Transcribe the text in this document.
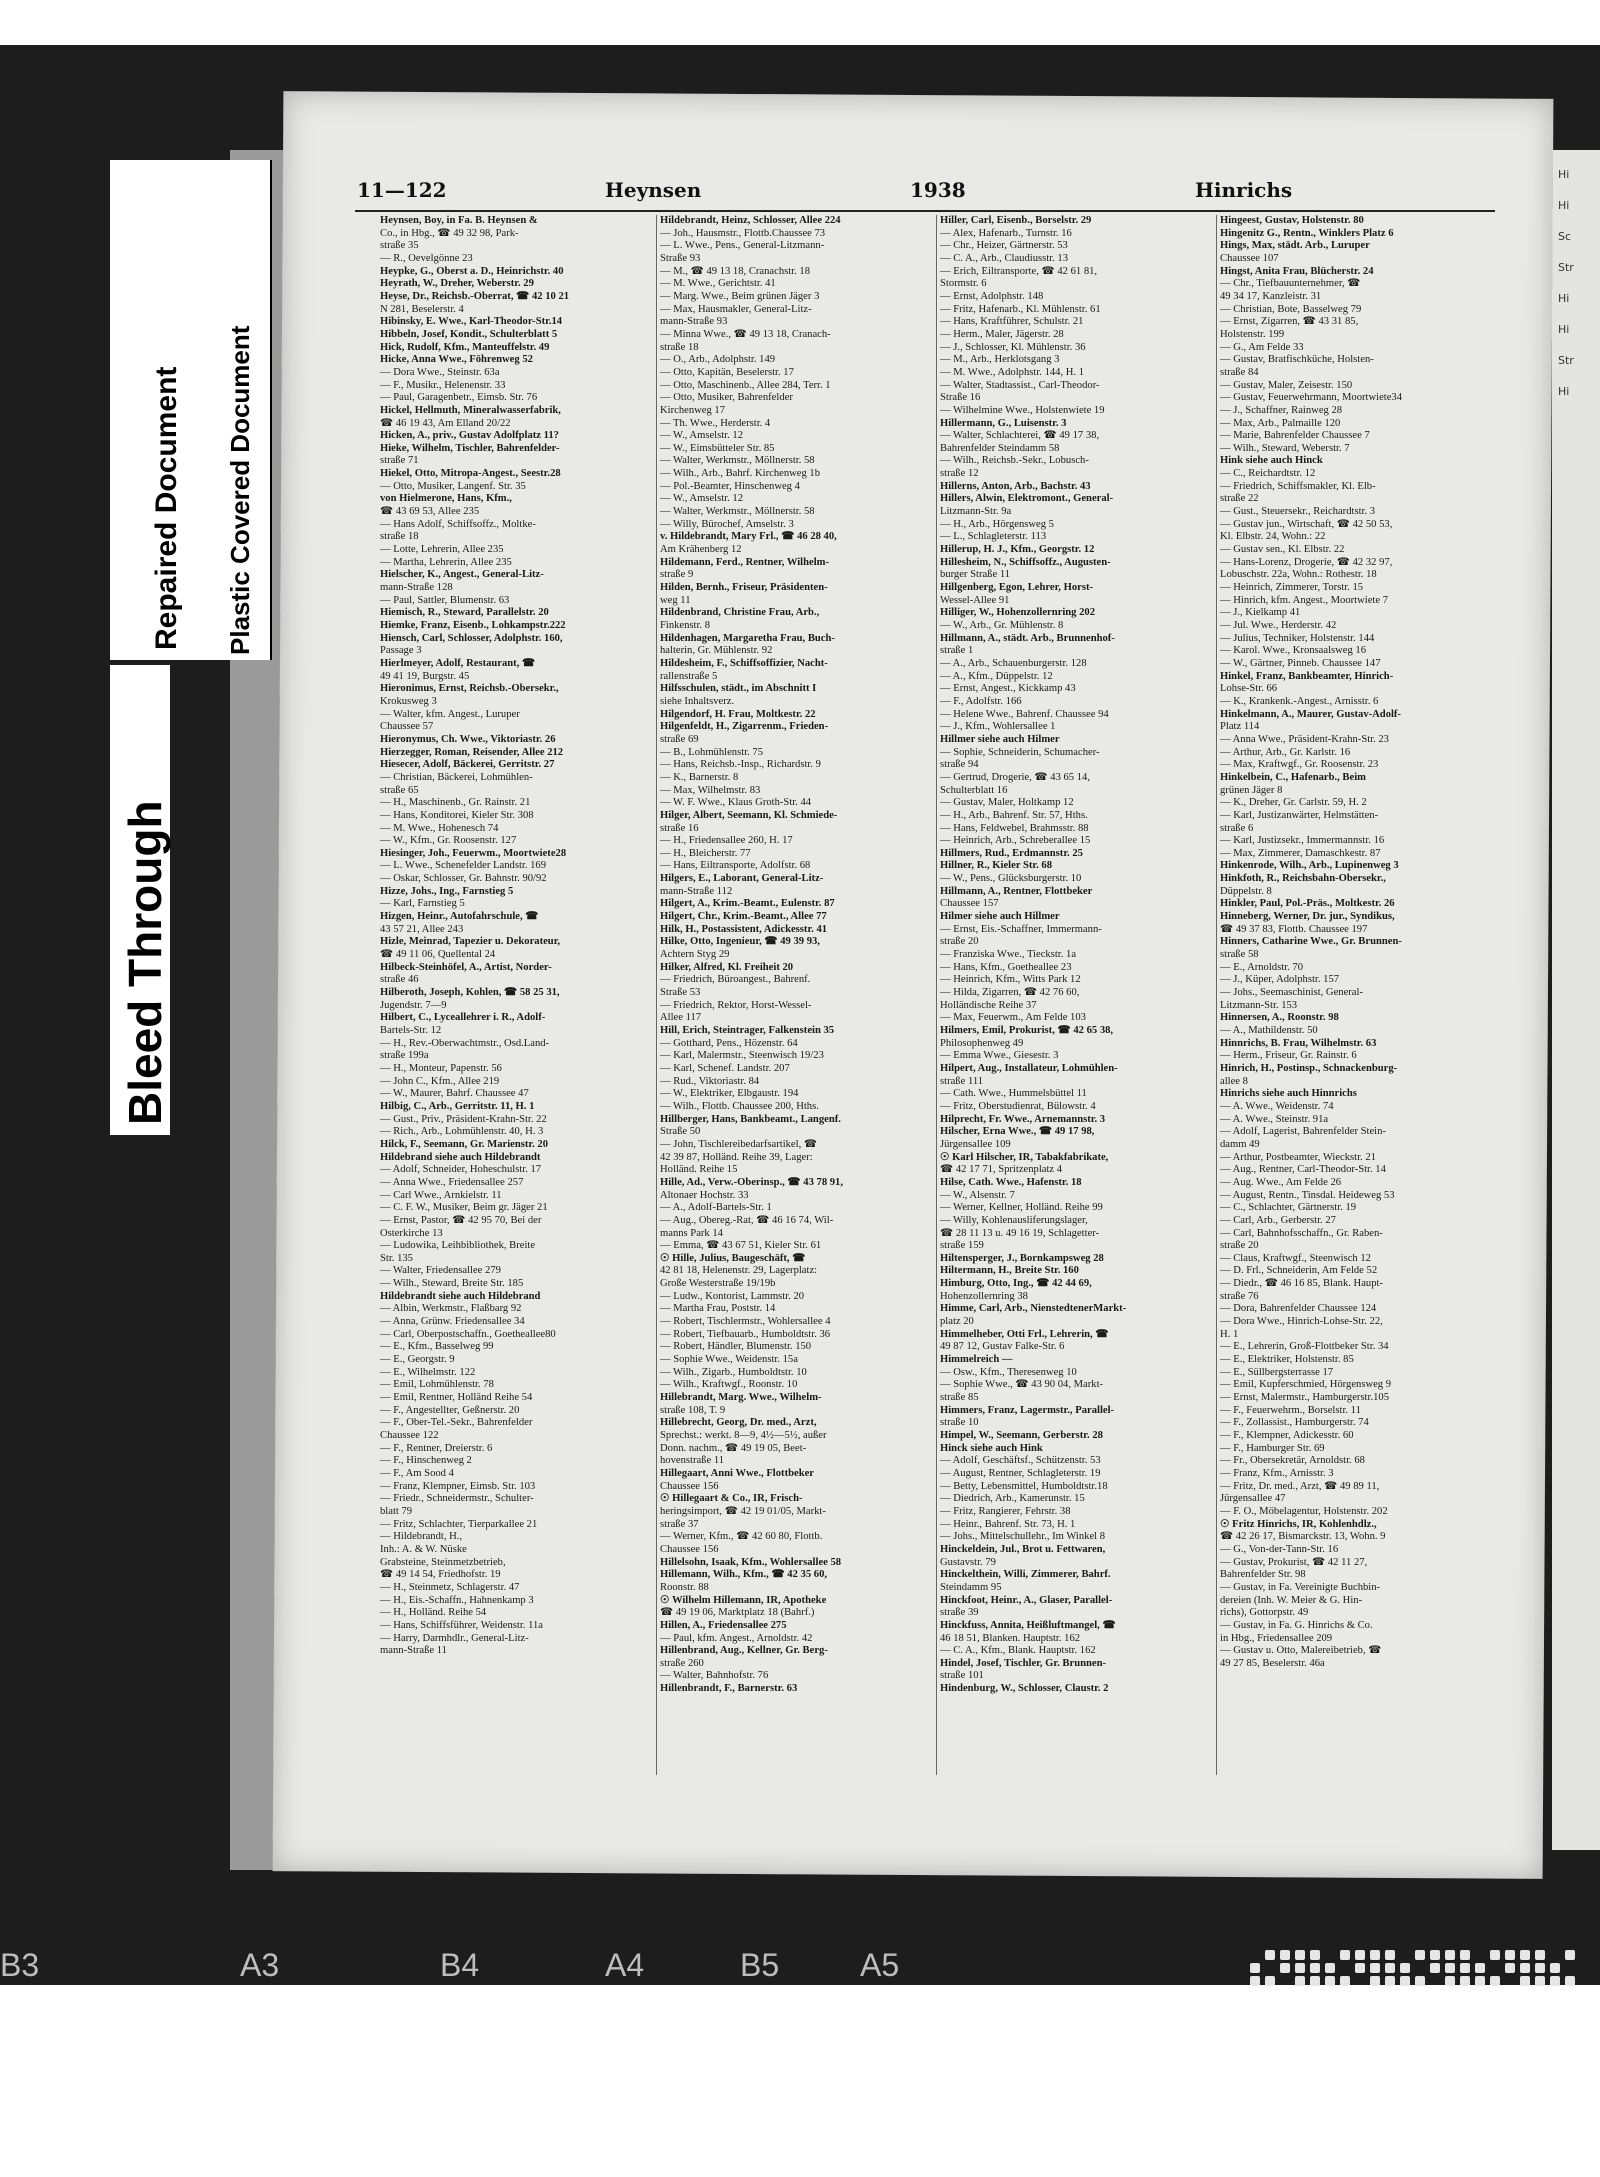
Hi
Hi
Sc
Str
Hi
Hi
Str
Hi
11—122	Heynsen	1938	Hinrichs
Heynsen, Boy, in Fa. B. Heynsen &
Co., in Hbg., ☎ 49 32 98, Park-
straße 35
— R., Oevelgönne 23
Heypke, G., Oberst a. D., Heinrichstr. 40
Heyrath, W., Dreher, Weberstr. 29
Heyse, Dr., Reichsb.-Oberrat, ☎ 42 10 21
N 281, Beselerstr. 4
Hibinsky, E. Wwe., Karl-Theodor-Str.14
Hibbeln, Josef, Kondit., Schulterblatt 5
Hick, Rudolf, Kfm., Manteuffelstr. 49
Hicke, Anna Wwe., Föhrenweg 52
— Dora Wwe., Steinstr. 63a
— F., Musikr., Helenenstr. 33
— Paul, Garagenbetr., Eimsb. Str. 76
Hickel, Hellmuth, Mineralwasserfabrik,
☎ 46 19 43, Am Elland 20/22
Hicken, A., priv., Gustav Adolfplatz 11?
Hieke, Wilhelm, Tischler, Bahrenfelder-
straße 71
Hiekel, Otto, Mitropa-Angest., Seestr.28
— Otto, Musiker, Langenf. Str. 35
von Hielmerone, Hans, Kfm.,
☎ 43 69 53, Allee 235
— Hans Adolf, Schiffsoffz., Moltke-
straße 18
— Lotte, Lehrerin, Allee 235
— Martha, Lehrerin, Allee 235
Hielscher, K., Angest., General-Litz-
mann-Straße 128
— Paul, Sattler, Blumenstr. 63
Hiemisch, R., Steward, Parallelstr. 20
Hiemke, Franz, Eisenb., Lohkampstr.222
Hiensch, Carl, Schlosser, Adolphstr. 160,
Passage 3
Hierlmeyer, Adolf, Restaurant, ☎
49 41 19, Burgstr. 45
Hieronimus, Ernst, Reichsb.-Obersekr.,
Krokusweg 3
— Walter, kfm. Angest., Luruper
Chaussee 57
Hieronymus, Ch. Wwe., Viktoriastr. 26
Hierzegger, Roman, Reisender, Allee 212
Hiesecer, Adolf, Bäckerei, Gerritstr. 27
— Christian, Bäckerei, Lohmühlen-
straße 65
— H., Maschinenb., Gr. Rainstr. 21
— Hans, Konditorei, Kieler Str. 308
— M. Wwe., Hohenesch 74
— W., Kfm., Gr. Roosenstr. 127
Hiesinger, Joh., Feuerwm., Moortwiete28
— L. Wwe., Schenefelder Landstr. 169
— Oskar, Schlosser, Gr. Bahnstr. 90/92
Hizze, Johs., Ing., Farnstieg 5
— Karl, Farnstieg 5
Hizgen, Heinr., Autofahrschule, ☎
43 57 21, Allee 243
Hizle, Meinrad, Tapezier u. Dekorateur,
☎ 49 11 06, Quellental 24
Hilbeck-Steinhöfel, A., Artist, Norder-
straße 46
Hilberoth, Joseph, Kohlen, ☎ 58 25 31,
Jugendstr. 7—9
Hilbert, C., Lyceallehrer i. R., Adolf-
Bartels-Str. 12
— H., Rev.-Oberwachtmstr., Osd.Land-
straße 199a
— H., Monteur, Papenstr. 56
— John C., Kfm., Allee 219
— W., Maurer, Bahrf. Chaussee 47
Hilbig, C., Arb., Gerritstr. 11, H. 1
— Gust., Priv., Präsident-Krahn-Str. 22
— Rich., Arb., Lohmühlenstr. 40, H. 3
Hilck, F., Seemann, Gr. Marienstr. 20
Hildebrand siehe auch Hildebrandt
— Adolf, Schneider, Hoheschulstr. 17
— Anna Wwe., Friedensallee 257
— Carl Wwe., Arnkielstr. 11
— C. F. W., Musiker, Beim gr. Jäger 21
— Ernst, Pastor, ☎ 42 95 70, Bei der
Osterkirche 13
— Ludowika, Leihbibliothek, Breite
Str. 135
— Walter, Friedensallee 279
— Wilh., Steward, Breite Str. 185
Hildebrandt siehe auch Hildebrand
— Albin, Werkmstr., Flaßbarg 92
— Anna, Grünw. Friedensallee 34
— Carl, Oberpostschaffn., Goetheallee80
— E., Kfm., Basselweg 99
— E., Georgstr. 9
— E., Wilhelmstr. 122
— Emil, Lohmühlenstr. 78
— Emil, Rentner, Holländ Reihe 54
— F., Angestellter, Geßnerstr. 20
— F., Ober-Tel.-Sekr., Bahrenfelder
Chaussee 122
— F., Rentner, Dreierstr. 6
— F., Hinschenweg 2
— F., Am Sood 4
— Franz, Klempner, Eimsb. Str. 103
— Friedr., Schneidermstr., Schulter-
blatt 79
— Fritz, Schlachter, Tierparkallee 21
— Hildebrandt, H.,
Inh.: A. & W. Nüske
Grabsteine, Steinmetzbetrieb,
☎ 49 14 54, Friedhofstr. 19
— H., Steinmetz, Schlagerstr. 47
— H., Eis.-Schaffn., Hahnenkamp 3
— H., Holländ. Reihe 54
— Hans, Schiffsführer, Weidenstr. 11a
— Harry, Darmhdlr., General-Litz-
mann-Straße 11
Hildebrandt, Heinz, Schlosser, Allee 224
— Joh., Hausmstr., Flottb.Chaussee 73
— L. Wwe., Pens., General-Litzmann-
Straße 93
— M., ☎ 49 13 18, Cranachstr. 18
— M. Wwe., Gerichtstr. 41
— Marg. Wwe., Beim grünen Jäger 3
— Max, Hausmakler, General-Litz-
mann-Straße 93
— Minna Wwe., ☎ 49 13 18, Cranach-
straße 18
— O., Arb., Adolphstr. 149
— Otto, Kapitän, Beselerstr. 17
— Otto, Maschinenb., Allee 284, Terr. 1
— Otto, Musiker, Bahrenfelder
Kirchenweg 17
— Th. Wwe., Herderstr. 4
— W., Amselstr. 12
— W., Eimsbütteler Str. 85
— Walter, Werkmstr., Möllnerstr. 58
— Wilh., Arb., Bahrf. Kirchenweg 1b
— Pol.-Beamter, Hinschenweg 4
— W., Amselstr. 12
— Walter, Werkmstr., Möllnerstr. 58
— Willy, Bürochef, Amselstr. 3
v. Hildebrandt, Mary Frl., ☎ 46 28 40,
Am Krähenberg 12
Hildemann, Ferd., Rentner, Wilhelm-
straße 9
Hilden, Bernh., Friseur, Präsidenten-
weg 11
Hildenbrand, Christine Frau, Arb.,
Finkenstr. 8
Hildenhagen, Margaretha Frau, Buch-
halterin, Gr. Mühlenstr. 92
Hildesheim, F., Schiffsoffizier, Nacht-
rallenstraße 5
Hilfsschulen, städt., im Abschnitt I
siehe Inhaltsverz.
Hilgendorf, H. Frau, Moltkestr. 22
Hilgenfeldt, H., Zigarrenm., Frieden-
straße 69
— B., Lohmühlenstr. 75
— Hans, Reichsb.-Insp., Richardstr. 9
— K., Barnerstr. 8
— Max, Wilhelmstr. 83
— W. F. Wwe., Klaus Groth-Str. 44
Hilger, Albert, Seemann, Kl. Schmiede-
straße 16
— H., Friedensallee 260, H. 17
— H., Bleicherstr. 77
— Hans, Eiltransporte, Adolfstr. 68
Hilgers, E., Laborant, General-Litz-
mann-Straße 112
Hilgert, A., Krim.-Beamt., Eulenstr. 87
Hilgert, Chr., Krim.-Beamt., Allee 77
Hilk, H., Postassistent, Adickesstr. 41
Hilke, Otto, Ingenieur, ☎ 49 39 93,
Achtern Styg 29
Hilker, Alfred, Kl. Freiheit 20
— Friedrich, Büroangest., Bahrenf.
Straße 53
— Friedrich, Rektor, Horst-Wessel-
Allee 117
Hill, Erich, Steintrager, Falkenstein 35
— Gotthard, Pens., Hözenstr. 64
— Karl, Malermstr., Steenwisch 19/23
— Karl, Schenef. Landstr. 207
— Rud., Viktoriastr. 84
— W., Elektriker, Elbgaustr. 194
— Wilh., Flottb. Chaussee 200, Hths.
Hillberger, Hans, Bankbeamt., Langenf.
Straße 50
— John, Tischlereibedarfsartikel, ☎
42 39 87, Holländ. Reihe 39, Lager:
Holländ. Reihe 15
Hille, Ad., Verw.-Oberinsp., ☎ 43 78 91,
Altonaer Hochstr. 33
— A., Adolf-Bartels-Str. 1
— Aug., Obereg.-Rat, ☎ 46 16 74, Wil-
manns Park 14
— Emma, ☎ 43 67 51, Kieler Str. 61
☉ Hille, Julius, Baugeschäft, ☎
42 81 18, Helenenstr. 29, Lagerplatz:
Große Westerstraße 19/19b
— Ludw., Kontorist, Lammstr. 20
— Martha Frau, Poststr. 14
— Robert, Tischlermstr., Wohlersallee 4
— Robert, Tiefbauarb., Humboldtstr. 36
— Robert, Händler, Blumenstr. 150
— Sophie Wwe., Weidenstr. 15a
— Wilh., Zigarb., Humboldtstr. 10
— Wilh., Kraftwgf., Roonstr. 10
Hillebrandt, Marg. Wwe., Wilhelm-
straße 108, T. 9
Hillebrecht, Georg, Dr. med., Arzt,
Sprechst.: werkt. 8—9, 4½—5½, außer
Donn. nachm., ☎ 49 19 05, Beet-
hovenstraße 11
Hillegaart, Anni Wwe., Flottbeker
Chaussee 156
☉ Hillegaart & Co., IR, Frisch-
heringsimport, ☎ 42 19 01/05, Markt-
straße 37
— Werner, Kfm., ☎ 42 60 80, Flottb.
Chaussee 156
Hillelsohn, Isaak, Kfm., Wohlersallee 58
Hillemann, Wilh., Kfm., ☎ 42 35 60,
Roonstr. 88
☉ Wilhelm Hillemann, IR, Apotheke
☎ 49 19 06, Marktplatz 18 (Bahrf.)
Hillen, A., Friedensallee 275
— Paul, kfm. Angest., Arnoldstr. 42
Hillenbrand, Aug., Kellner, Gr. Berg-
straße 260
— Walter, Bahnhofstr. 76
Hillenbrandt, F., Barnerstr. 63
Hiller, Carl, Eisenb., Borselstr. 29
— Alex, Hafenarb., Turnstr. 16
— Chr., Heizer, Gärtnerstr. 53
— C. A., Arb., Claudiusstr. 13
— Erich, Eiltransporte, ☎ 42 61 81,
Stormstr. 6
— Ernst, Adolphstr. 148
— Fritz, Hafenarb., Kl. Mühlenstr. 61
— Hans, Kraftführer, Schulstr. 21
— Herm., Maler, Jägerstr. 28
— J., Schlosser, Kl. Mühlenstr. 36
— M., Arb., Herklotsgang 3
— M. Wwe., Adolphstr. 144, H. 1
— Walter, Stadtassist., Carl-Theodor-
Straße 16
— Wilhelmine Wwe., Holstenwiete 19
Hillermann, G., Luisenstr. 3
— Walter, Schlachterei, ☎ 49 17 38,
Bahrenfelder Steindamm 58
— Wilh., Reichsb.-Sekr., Lobusch-
straße 12
Hillerns, Anton, Arb., Bachstr. 43
Hillers, Alwin, Elektromont., General-
Litzmann-Str. 9a
— H., Arb., Hörgensweg 5
— L., Schlagleterstr. 113
Hillerup, H. J., Kfm., Georgstr. 12
Hillesheim, N., Schiffsoffz., Augusten-
burger Straße 11
Hillgenberg, Egon, Lehrer, Horst-
Wessel-Allee 91
Hilliger, W., Hohenzollernring 202
— W., Arb., Gr. Mühlenstr. 8
Hillmann, A., städt. Arb., Brunnenhof-
straße 1
— A., Arb., Schauenburgerstr. 128
— A., Kfm., Düppelstr. 12
— Ernst, Angest., Kickkamp 43
— F., Adolfstr. 166
— Helene Wwe., Bahrenf. Chaussee 94
— J., Kfm., Wohlersallee 1
Hillmer siehe auch Hilmer
— Sophie, Schneiderin, Schumacher-
straße 94
— Gertrud, Drogerie, ☎ 43 65 14,
Schulterblatt 16
— Gustav, Maler, Holtkamp 12
— H., Arb., Bahrenf. Str. 57, Hths.
— Hans, Feldwebel, Brahmsstr. 88
— Heinrich, Arb., Schreberallee 15
Hillmers, Rud., Erdmannstr. 25
Hillner, R., Kieler Str. 68
— W., Pens., Glücksburgerstr. 10
Hillmann, A., Rentner, Flottbeker
Chaussee 157
Hilmer siehe auch Hillmer
— Ernst, Eis.-Schaffner, Immermann-
straße 20
— Franziska Wwe., Tieckstr. 1a
— Hans, Kfm., Goetheallee 23
— Heinrich, Kfm., Witts Park 12
— Hilda, Zigarren, ☎ 42 76 60,
Holländische Reihe 37
— Max, Feuerwm., Am Felde 103
Hilmers, Emil, Prokurist, ☎ 42 65 38,
Philosophenweg 49
— Emma Wwe., Giesestr. 3
Hilpert, Aug., Installateur, Lohmühlen-
straße 111
— Cath. Wwe., Hummelsbüttel 11
— Fritz, Oberstudienrat, Bülowstr. 4
Hilprecht, Fr. Wwe., Arnemannstr. 3
Hilscher, Erna Wwe., ☎ 49 17 98,
Jürgensallee 109
☉ Karl Hilscher, IR, Tabakfabrikate,
☎ 42 17 71, Spritzenplatz 4
Hilse, Cath. Wwe., Hafenstr. 18
— W., Alsenstr. 7
— Werner, Kellner, Holländ. Reihe 99
— Willy, Kohlenausliferungslager,
☎ 28 11 13 u. 49 16 19, Schlagetter-
straße 159
Hiltensperger, J., Bornkampsweg 28
Hiltermann, H., Breite Str. 160
Himburg, Otto, Ing., ☎ 42 44 69,
Hohenzollernring 38
Himme, Carl, Arb., NienstedtenerMarkt-
platz 20
Himmelheber, Otti Frl., Lehrerin, ☎
49 87 12, Gustav Falke-Str. 6
Himmelreich —
— Osw., Kfm., Theresenweg 10
— Sophie Wwe., ☎ 43 90 04, Markt-
straße 85
Himmers, Franz, Lagermstr., Parallel-
straße 10
Himpel, W., Seemann, Gerberstr. 28
Hinck siehe auch Hink
— Adolf, Geschäftsf., Schützenstr. 53
— August, Rentner, Schlagleterstr. 19
— Betty, Lebensmittel, Humboldtstr.18
— Diedrich, Arb., Kamerunstr. 15
— Fritz, Rangierer, Fehrstr. 38
— Heinr., Bahrenf. Str. 73, H. 1
— Johs., Mittelschullehr., Im Winkel 8
Hinckeldein, Jul., Brot u. Fettwaren,
Gustavstr. 79
Hinckelthein, Willi, Zimmerer, Bahrf.
Steindamm 95
Hinckfoot, Heinr., A., Glaser, Parallel-
straße 39
Hinckfuss, Annita, Heißluftmangel, ☎
46 18 51, Blanken. Hauptstr. 162
— C. A., Kfm., Blank. Hauptstr. 162
Hindel, Josef, Tischler, Gr. Brunnen-
straße 101
Hindenburg, W., Schlosser, Claustr. 2
Hingeest, Gustav, Holstenstr. 80
Hingenitz G., Rentn., Winklers Platz 6
Hings, Max, städt. Arb., Luruper
Chaussee 107
Hingst, Anita Frau, Blücherstr. 24
— Chr., Tiefbauunternehmer, ☎
49 34 17, Kanzleistr. 31
— Christian, Bote, Basselweg 79
— Ernst, Zigarren, ☎ 43 31 85,
Holstenstr. 199
— G., Am Felde 33
— Gustav, Bratfischküche, Holsten-
straße 84
— Gustav, Maler, Zeisestr. 150
— Gustav, Feuerwehrmann, Moortwiete34
— J., Schaffner, Rainweg 28
— Max, Arb., Palmaille 120
— Marie, Bahrenfelder Chaussee 7
— Wilh., Steward, Weberstr. 7
Hink siehe auch Hinck
— C., Reichardtstr. 12
— Friedrich, Schiffsmakler, Kl. Elb-
straße 22
— Gust., Steuersekr., Reichardtstr. 3
— Gustav jun., Wirtschaft, ☎ 42 50 53,
Kl. Elbstr. 24, Wohn.: 22
— Gustav sen., Kl. Elbstr. 22
— Hans-Lorenz, Drogerie, ☎ 42 32 97,
Lobuschstr. 22a, Wohn.: Rothestr. 18
— Heinrich, Zimmerer, Torstr. 15
— Hinrich, kfm. Angest., Moortwiete 7
— J., Kielkamp 41
— Jul. Wwe., Herderstr. 42
— Julius, Techniker, Holstenstr. 144
— Karol. Wwe., Kronsaalsweg 16
— W., Gärtner, Pinneb. Chaussee 147
Hinkel, Franz, Bankbeamter, Hinrich-
Lohse-Str. 66
— K., Krankenk.-Angest., Arnisstr. 6
Hinkelmann, A., Maurer, Gustav-Adolf-
Platz 114
— Anna Wwe., Präsident-Krahn-Str. 23
— Arthur, Arb., Gr. Karlstr. 16
— Max, Kraftwgf., Gr. Roosenstr. 23
Hinkelbein, C., Hafenarb., Beim
grünen Jäger 8
— K., Dreher, Gr. Carlstr. 59, H. 2
— Karl, Justizanwärter, Helmstätten-
straße 6
— Karl, Justizsekr., Immermannstr. 16
— Max, Zimmerer, Damaschkestr. 87
Hinkenrode, Wilh., Arb., Lupinenweg 3
Hinkfoth, R., Reichsbahn-Obersekr.,
Düppelstr. 8
Hinkler, Paul, Pol.-Präs., Moltkestr. 26
Hinneberg, Werner, Dr. jur., Syndikus,
☎ 49 37 83, Flottb. Chaussee 197
Hinners, Catharine Wwe., Gr. Brunnen-
straße 58
— E., Arnoldstr. 70
— J., Küper, Adolphstr. 157
— Johs., Seemaschinist, General-
Litzmann-Str. 153
Hinnersen, A., Roonstr. 98
— A., Mathildenstr. 50
Hinnrichs, B. Frau, Wilhelmstr. 63
— Herm., Friseur, Gr. Rainstr. 6
Hinrich, H., Postinsp., Schnackenburg-
allee 8
Hinrichs siehe auch Hinnrichs
— A. Wwe., Weidenstr. 74
— A. Wwe., Steinstr. 91a
— Adolf, Lagerist, Bahrenfelder Stein-
damm 49
— Arthur, Postbeamter, Wieckstr. 21
— Aug., Rentner, Carl-Theodor-Str. 14
— Aug. Wwe., Am Felde 26
— August, Rentn., Tinsdal. Heideweg 53
— C., Schlachter, Gärtnerstr. 19
— Carl, Arb., Gerberstr. 27
— Carl, Bahnhofsschaffn., Gr. Raben-
straße 20
— Claus, Kraftwgf., Steenwisch 12
— D. Frl., Schneiderin, Am Felde 52
— Diedr., ☎ 46 16 85, Blank. Haupt-
straße 76
— Dora, Bahrenfelder Chaussee 124
— Dora Wwe., Hinrich-Lohse-Str. 22,
H. 1
— E., Lehrerin, Groß-Flottbeker Str. 34
— E., Elektriker, Holstenstr. 85
— E., Süllbergsterrasse 17
— Emil, Kupferschmied, Hörgensweg 9
— Ernst, Malermstr., Hamburgerstr.105
— F., Feuerwehrm., Borselstr. 11
— F., Zollassist., Hamburgerstr. 74
— F., Klempner, Adickesstr. 60
— F., Hamburger Str. 69
— Fr., Obersekretär, Arnoldstr. 68
— Franz, Kfm., Arnisstr. 3
— Fritz, Dr. med., Arzt, ☎ 49 89 11,
Jürgensallee 47
— F. O., Möbelagentur, Holstenstr. 202
☉ Fritz Hinrichs, IR, Kohlenhdlz.,
☎ 42 26 17, Bismarckstr. 13, Wohn. 9
— G., Von-der-Tann-Str. 16
— Gustav, Prokurist, ☎ 42 11 27,
Bahrenfelder Str. 98
— Gustav, in Fa. Vereinigte Buchbin-
dereien (Inh. W. Meier & G. Hin-
richs), Gottorpstr. 49
— Gustav, in Fa. G. Hinrichs & Co.
in Hbg., Friedensallee 209
— Gustav u. Otto, Malereibetrieb, ☎
49 27 85, Beselerstr. 46a
Repaired Document Plastic Covered Document
Bleed Through
B3	A3	B4	A4	B5	A5
